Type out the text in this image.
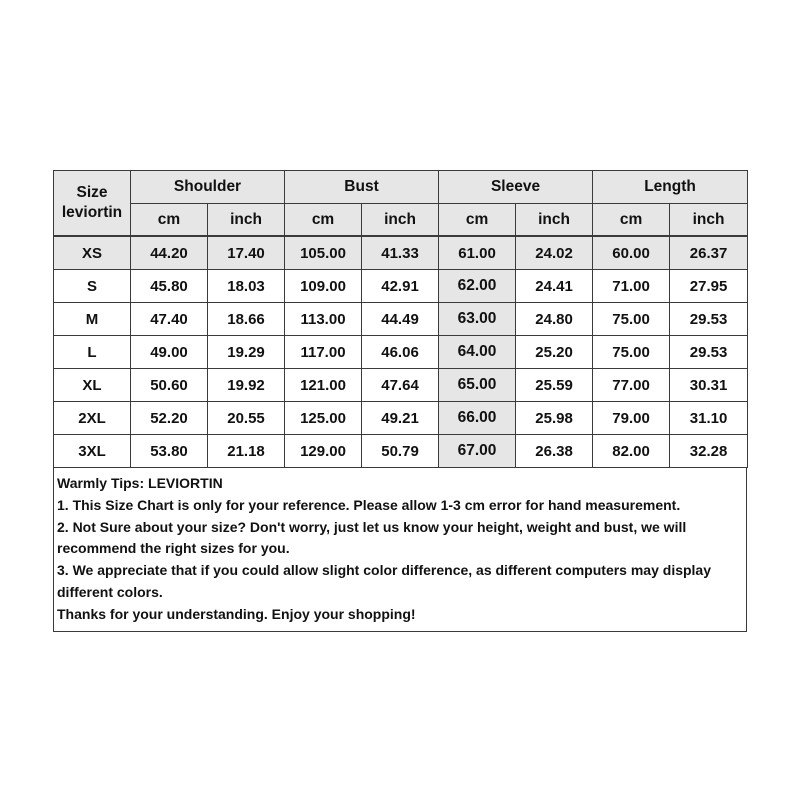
Size
leviortin	Shoulder		Bust		Sleeve		Length	
	cm	inch	cm	inch	cm	inch	cm	inch
XS	44.20	17.40	105.00	41.33	61.00	24.02	60.00	26.37
S	45.80	18.03	109.00	42.91	62.00	24.41	71.00	27.95
M	47.40	18.66	113.00	44.49	63.00	24.80	75.00	29.53
L	49.00	19.29	117.00	46.06	64.00	25.20	75.00	29.53
XL	50.60	19.92	121.00	47.64	65.00	25.59	77.00	30.31
2XL	52.20	20.55	125.00	49.21	66.00	25.98	79.00	31.10
3XL	53.80	21.18	129.00	50.79	67.00	26.38	82.00	32.28

Warmly Tips: LEVIORTIN

1. This Size Chart is only for your reference. Please allow 1-3 cm error for hand measurement.

2. Not Sure about your size? Don't worry, just let us know your height, weight and bust, we will recommend the right sizes for you.

3. We appreciate that if you could allow slight color difference, as different computers may display different colors.

Thanks for your understanding. Enjoy your shopping!
